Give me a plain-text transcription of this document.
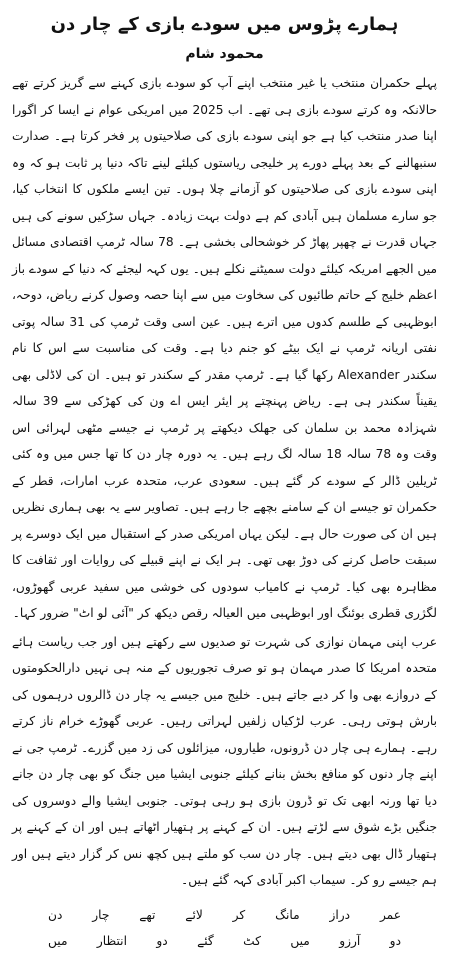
ہمارے پڑوس میں سودے بازی کے چار دن
محمود شام

پہلے حکمران منتخب یا غیر منتخب اپنے آپ کو سودے بازی کہنے سے گریز کرتے تھے حالانکہ وہ کرتے سودے بازی ہی تھے۔ اب 2025 میں امریکی عوام نے ایسا کر اگورا اپنا صدر منتخب کیا ہے جو اپنی سودے بازی کی صلاحیتوں پر فخر کرتا ہے۔ صدارت سنبھالنے کے بعد پہلے دورے پر خلیجی ریاستوں کیلئے لینے تاکہ دنیا پر ثابت ہو کہ وہ اپنی سودے بازی کی صلاحیتوں کو آزمانے چلا ہوں۔ تین ایسے ملکوں کا انتخاب کیا، جو سارے مسلمان ہیں آبادی کم ہے دولت بہت زیادہ۔ جہاں سڑکیں سونے کی ہیں جہاں قدرت نے چھپر پھاڑ کر خوشحالی بخشی ہے۔ 78 سالہ ٹرمپ اقتصادی مسائل میں الجھے امریکہ کیلئے دولت سمیٹنے نکلے ہیں۔ یوں کہہ لیجئے کہ دنیا کے سودے باز اعظم خلیج کے حاتم طائیوں کی سخاوت میں سے اپنا حصہ وصول کرنے ریاض، دوحہ، ابوظہبی کے طلسم کدوں میں اترے ہیں۔ عین اسی وقت ٹرمپ کی 31 سالہ پوتی نفتی اریانہ ٹرمپ نے ایک بیٹے کو جنم دیا ہے۔ وقت کی مناسبت سے اس کا نام سکندر Alexander رکھا گیا ہے۔ ٹرمپ مقدر کے سکندر تو ہیں۔ ان کی لاڈلی بھی یقیناً سکندر ہی ہے۔ ریاض پہنچتے پر ایئر ایس اے ون کی کھڑکی سے 39 سالہ شہزادہ محمد بن سلمان کی جھلک دیکھتے پر ٹرمپ نے جیسے مٹھی لہرائی اس وقت وہ 78 سالہ 18 سالہ لگ رہے ہیں۔ یہ دورہ چار دن کا تھا جس میں وہ کئی ٹریلین ڈالر کے سودے کر گئے ہیں۔ سعودی عرب، متحدہ عرب امارات، قطر کے حکمران تو جیسے ان کے سامنے بچھے جا رہے ہیں۔ تصاویر سے یہ بھی ہماری نظریں ہیں ان کی صورت حال ہے۔ لیکن یہاں امریکی صدر کے استقبال میں ایک دوسرے پر سبقت حاصل کرنے کی دوڑ بھی تھی۔ ہر ایک نے اپنے قبیلے کی روایات اور ثقافت کا مظاہرہ بھی کیا۔ ٹرمپ نے کامیاب سودوں کی خوشی میں سفید عربی گھوڑوں، لگژری قطری بوئنگ اور ابوظہبی میں العیالہ رقص دیکھ کر "آئی لو اٹ" ضرور کہا۔

عرب اپنی مہمان نوازی کی شہرت تو صدیوں سے رکھتے ہیں اور جب ریاست ہائے متحدہ امریکا کا صدر مہمان ہو تو صرف تجوریوں کے منہ ہی نہیں دارالحکومتوں کے دروازے بھی وا کر دیے جاتے ہیں۔ خلیج میں جیسے یہ چار دن ڈالروں درہموں کی بارش ہوتی رہی۔ عرب لڑکیاں زلفیں لہراتی رہیں۔ عربی گھوڑے خرام ناز کرتے رہے۔ ہمارے ہی چار دن ڈرونوں، طیاروں، میزائلوں کی زد میں گزرے۔ ٹرمپ جی نے اپنے چار دنوں کو منافع بخش بنانے کیلئے جنوبی ایشیا میں جنگ کو بھی چار دن جانے دیا تھا ورنہ ابھی تک تو ڈرون بازی ہو رہی ہوتی۔ جنوبی ایشیا والے دوسروں کی جنگیں بڑے شوق سے لڑتے ہیں۔ ان کے کہنے پر ہتھیار اٹھاتے ہیں اور ان کے کہنے پر ہتھیار ڈال بھی دیتے ہیں۔ چار دن سب کو ملتے ہیں کچھ نس کر گزار دیتے ہیں اور ہم جیسے رو کر۔ سیماب اکبر آبادی کہہ گئے ہیں۔

عمر دراز مانگ کر لائے تھے چار دن
دو آرزو میں کٹ گئے دو انتظار میں
